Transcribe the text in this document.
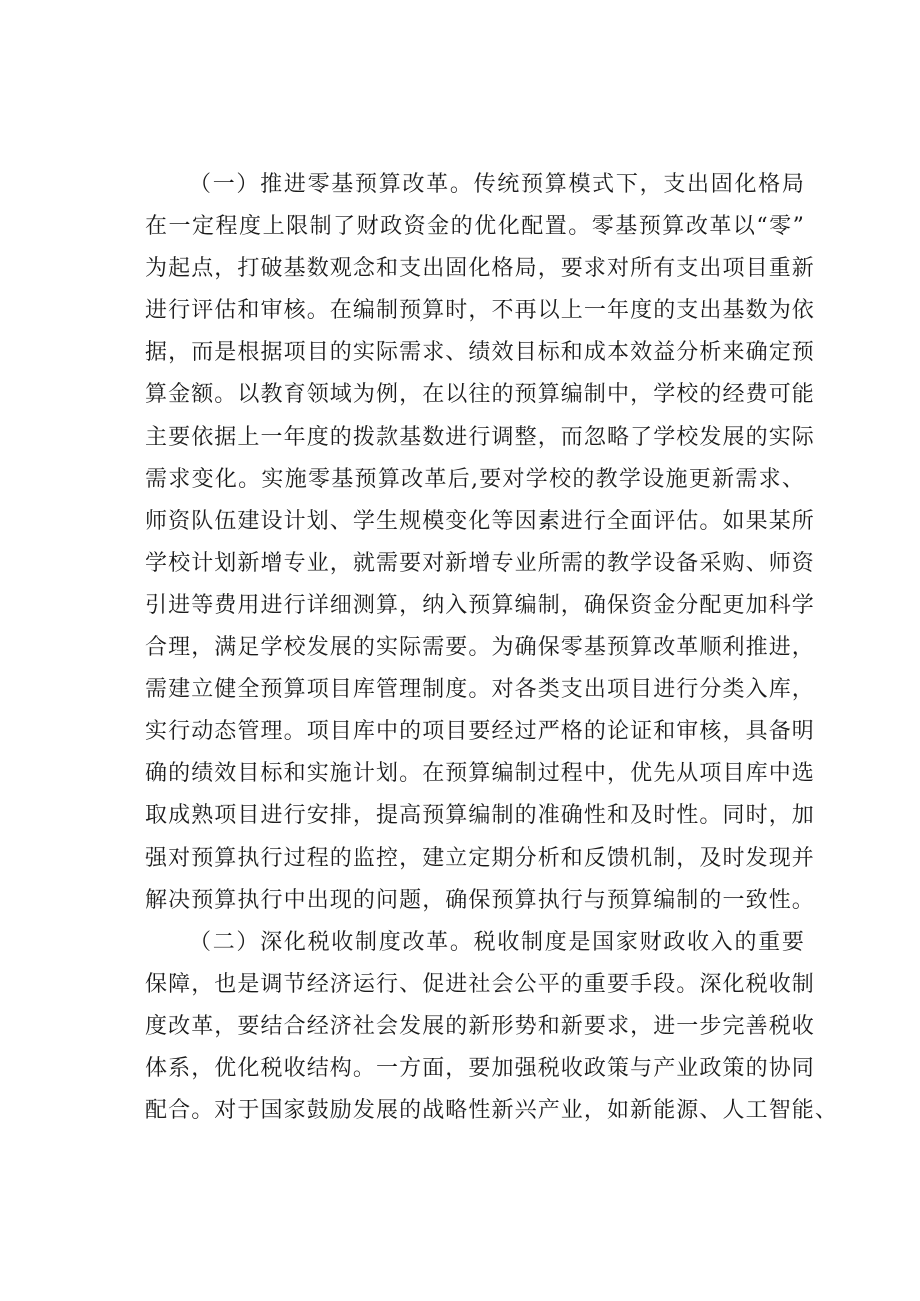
（一）推进零基预算改革。传统预算模式下，支出固化格局
在一定程度上限制了财政资金的优化配置。零基预算改革以“零”
为起点，打破基数观念和支出固化格局，要求对所有支出项目重新
进行评估和审核。在编制预算时，不再以上一年度的支出基数为依
据，而是根据项目的实际需求、绩效目标和成本效益分析来确定预
算金额。以教育领域为例，在以往的预算编制中，学校的经费可能
主要依据上一年度的拨款基数进行调整，而忽略了学校发展的实际
需求变化。实施零基预算改革后,要对学校的教学设施更新需求、
师资队伍建设计划、学生规模变化等因素进行全面评估。如果某所
学校计划新增专业，就需要对新增专业所需的教学设备采购、师资
引进等费用进行详细测算，纳入预算编制，确保资金分配更加科学
合理，满足学校发展的实际需要。为确保零基预算改革顺利推进，
需建立健全预算项目库管理制度。对各类支出项目进行分类入库，
实行动态管理。项目库中的项目要经过严格的论证和审核，具备明
确的绩效目标和实施计划。在预算编制过程中，优先从项目库中选
取成熟项目进行安排，提高预算编制的准确性和及时性。同时，加
强对预算执行过程的监控，建立定期分析和反馈机制，及时发现并
解决预算执行中出现的问题，确保预算执行与预算编制的一致性。
（二）深化税收制度改革。税收制度是国家财政收入的重要
保障，也是调节经济运行、促进社会公平的重要手段。深化税收制
度改革，要结合经济社会发展的新形势和新要求，进一步完善税收
体系，优化税收结构。一方面，要加强税收政策与产业政策的协同
配合。对于国家鼓励发展的战略性新兴产业，如新能源、人工智能、
